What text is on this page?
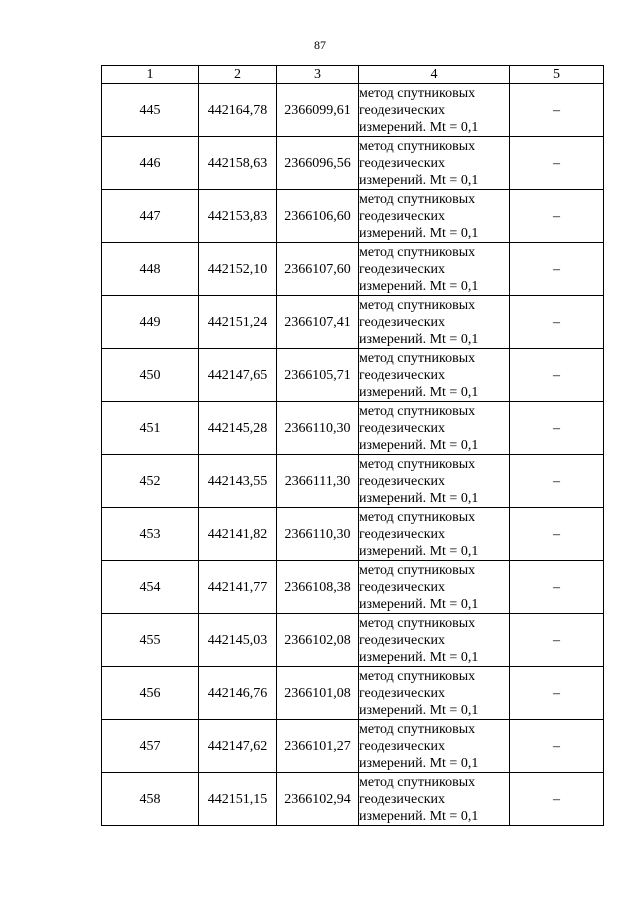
87
1	2	3	4	5
445	442164,78	2366099,61	метод спутниковых
геодезических
измерений. Mt = 0,1	–
446	442158,63	2366096,56	метод спутниковых
геодезических
измерений. Mt = 0,1	–
447	442153,83	2366106,60	метод спутниковых
геодезических
измерений. Mt = 0,1	–
448	442152,10	2366107,60	метод спутниковых
геодезических
измерений. Mt = 0,1	–
449	442151,24	2366107,41	метод спутниковых
геодезических
измерений. Mt = 0,1	–
450	442147,65	2366105,71	метод спутниковых
геодезических
измерений. Mt = 0,1	–
451	442145,28	2366110,30	метод спутниковых
геодезических
измерений. Mt = 0,1	–
452	442143,55	2366111,30	метод спутниковых
геодезических
измерений. Mt = 0,1	–
453	442141,82	2366110,30	метод спутниковых
геодезических
измерений. Mt = 0,1	–
454	442141,77	2366108,38	метод спутниковых
геодезических
измерений. Mt = 0,1	–
455	442145,03	2366102,08	метод спутниковых
геодезических
измерений. Mt = 0,1	–
456	442146,76	2366101,08	метод спутниковых
геодезических
измерений. Mt = 0,1	–
457	442147,62	2366101,27	метод спутниковых
геодезических
измерений. Mt = 0,1	–
458	442151,15	2366102,94	метод спутниковых
геодезических
измерений. Mt = 0,1	–
